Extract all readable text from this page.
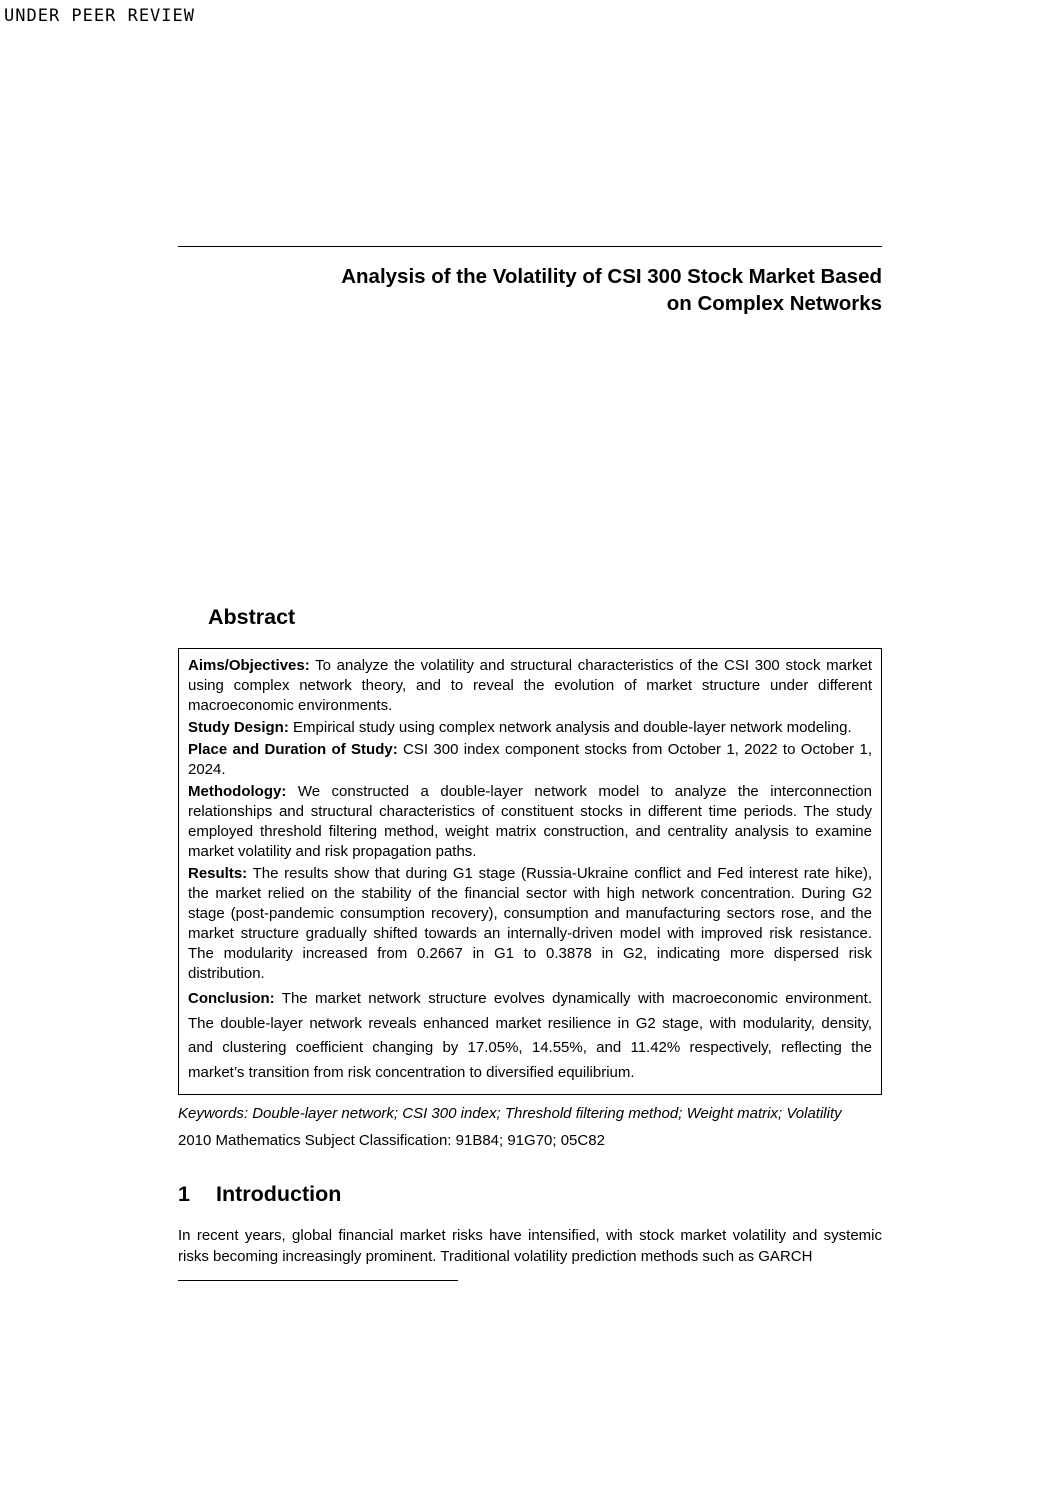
UNDER PEER REVIEW
Analysis of the Volatility of CSI 300 Stock Market Based
on Complex Networks
Abstract

Aims/Objectives: To analyze the volatility and structural characteristics of the CSI 300 stock market using complex network theory, and to reveal the evolution of market structure under different macroeconomic environments.

Study Design: Empirical study using complex network analysis and double-layer network modeling.

Place and Duration of Study: CSI 300 index component stocks from October 1, 2022 to October 1, 2024.

Methodology: We constructed a double-layer network model to analyze the interconnection relationships and structural characteristics of constituent stocks in different time periods. The study employed threshold filtering method, weight matrix construction, and centrality analysis to examine market volatility and risk propagation paths.

Results: The results show that during G1 stage (Russia-Ukraine conflict and Fed interest rate hike), the market relied on the stability of the financial sector with high network concentration. During G2 stage (post-pandemic consumption recovery), consumption and manufacturing sectors rose, and the market structure gradually shifted towards an internally-driven model with improved risk resistance. The modularity increased from 0.2667 in G1 to 0.3878 in G2, indicating more dispersed risk distribution.

Conclusion: The market network structure evolves dynamically with macroeconomic environment. The double-layer network reveals enhanced market resilience in G2 stage, with modularity, density, and clustering coefficient changing by 17.05%, 14.55%, and 11.42% respectively, reflecting the market’s transition from risk concentration to diversified equilibrium.

Keywords: Double-layer network; CSI 300 index; Threshold filtering method; Weight matrix; Volatility

2010 Mathematics Subject Classification: 91B84; 91G70; 05C82

1 Introduction

In recent years, global financial market risks have intensified, with stock market volatility and systemic risks becoming increasingly prominent. Traditional volatility prediction methods such as GARCH
